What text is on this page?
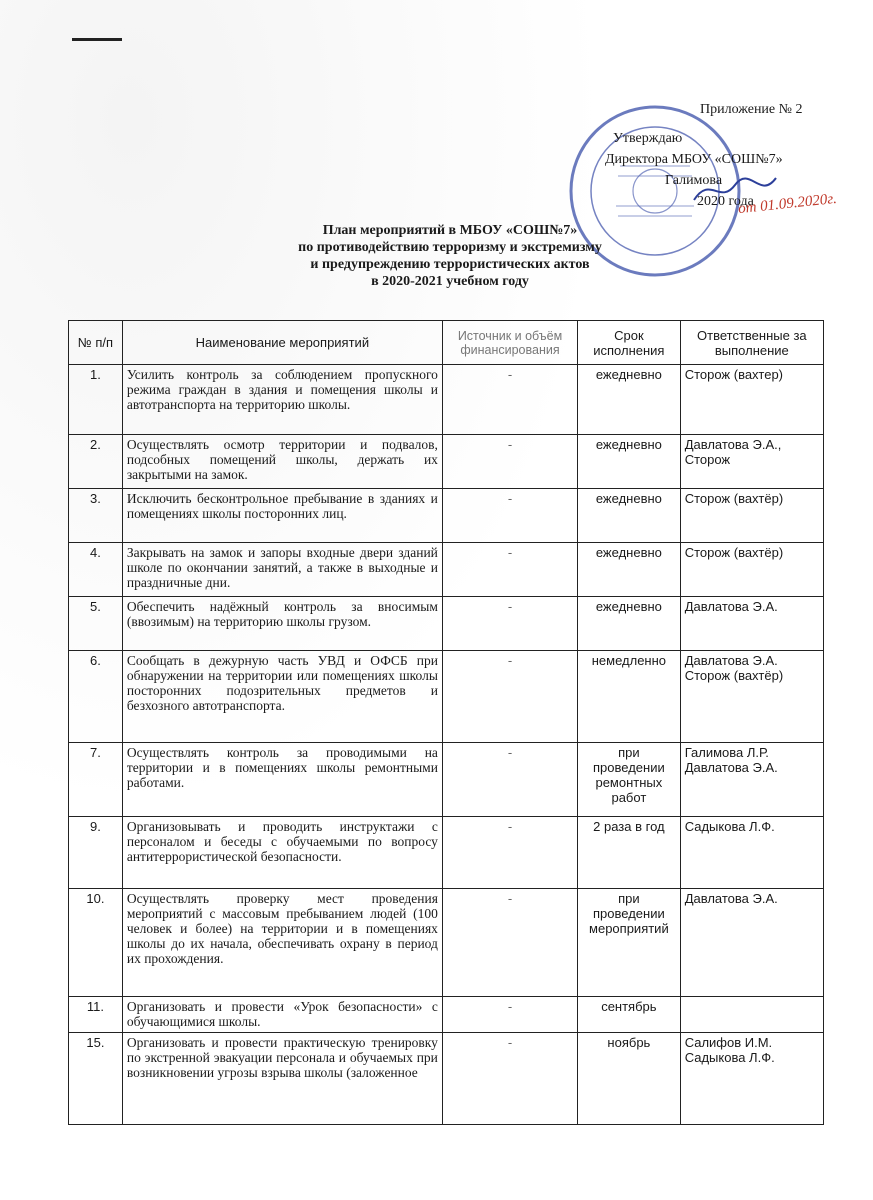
Приложение № 2
Утверждаю
Директора МБОУ «СОШ№7»
Галимова
2020 года
от 01.09.2020г.
План мероприятий в МБОУ «СОШ№7»
по противодействию терроризму и экстремизму
и предупреждению террористических актов
в 2020-2021 учебном году
№ п/п	Наименование мероприятий	Источник и объём финансирования	Срок исполнения	Ответственные за выполнение
1.	Усилить контроль за соблюдением пропускного режима граждан в здания и помещения школы и автотранспорта на территорию школы.	-	ежедневно	Сторож (вахтер)
2.	Осуществлять осмотр территории и подвалов, подсобных помещений школы, держать их закрытыми на замок.	-	ежедневно	Давлатова Э.А., Сторож
3.	Исключить бесконтрольное пребывание в зданиях и помещениях школы посторонних лиц.	-	ежедневно	Сторож (вахтёр)
4.	Закрывать на замок и запоры входные двери зданий школе по окончании занятий, а также в выходные и праздничные дни.	-	ежедневно	Сторож (вахтёр)
5.	Обеспечить надёжный контроль за вносимым (ввозимым) на территорию школы грузом.	-	ежедневно	Давлатова Э.А.
6.	Сообщать в дежурную часть УВД и ОФСБ при обнаружении на территории или помещениях школы посторонних подозрительных предметов и безхозного автотранспорта.	-	немедленно	Давлатова Э.А. Сторож (вахтёр)
7.	Осуществлять контроль за проводимыми на территории и в помещениях школы ремонтными работами.	-	при проведении ремонтных работ	Галимова Л.Р. Давлатова Э.А.
9.	Организовывать и проводить инструктажи с персоналом и беседы с обучаемыми по вопросу антитеррористической безопасности.	-	2 раза в год	Садыкова Л.Ф.
10.	Осуществлять проверку мест проведения мероприятий с массовым пребыванием людей (100 человек и более) на территории и в помещениях школы до их начала, обеспечивать охрану в период их прохождения.	-	при проведении мероприятий	Давлатова Э.А.
11.	Организовать и провести «Урок безопасности» с обучающимися школы.	-	сентябрь	
15.	Организовать и провести практическую тренировку по экстренной эвакуации персонала и обучаемых при возникновении угрозы взрыва школы (заложенное	-	ноябрь	Салифов И.М. Садыкова Л.Ф.
